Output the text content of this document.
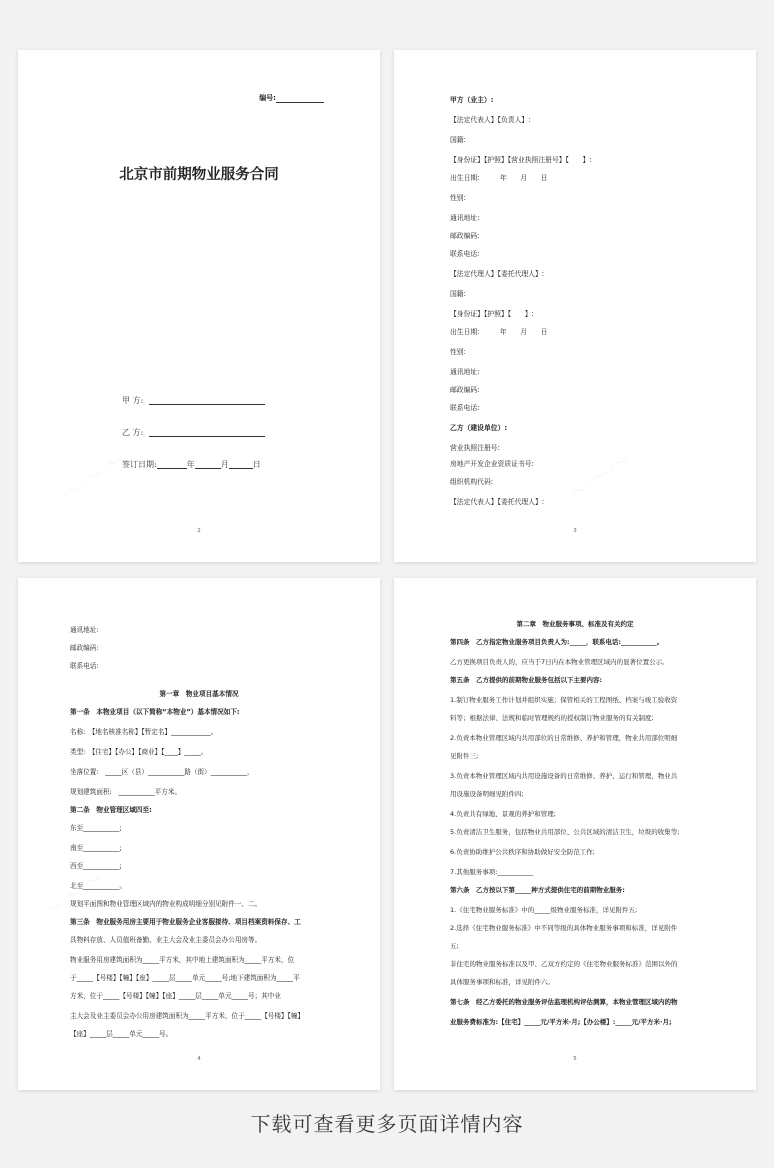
编号:
北京市前期物业服务合同
甲 方:
乙 方:
签订日期:	年	月	日
2
甲方（业主）:
【法定代表人】【负责人】:
国籍:
【身份证】【护照】【营业执照注册号】【　　】:
出生日期:　　　年　　月　　日
性别:
通讯地址:
邮政编码:
联系电话:
【法定代理人】【委托代理人】:
国籍:
【身份证】【护照】【　　】:
出生日期:　　　年　　月　　日
性别:
通讯地址:
邮政编码:
联系电话:
乙方（建设单位）:
营业执照注册号:
房地产开发企业资质证书号:
组织机构代码:
【法定代表人】【委托代理人】:
3
通讯地址:
邮政编码:
联系电话:
第一章　物业项目基本情况
第一条　本物业项目（以下简称“本物业”）基本情况如下:
名称:　【地名核准名称】【暂定名】____________。
类型:　【住宅】【办公】【商业】【____】_____。
坐落位置:　_____区（县）___________路（街）___________，
规划建筑面积:　___________平方米。
第二条　物业管理区域四至:
东至___________;
南至___________;
西至___________;
北至___________。
规划平面图和物业管理区域内的物业构成明细分别见附件一、二。
第三条　物业服务用房主要用于物业服务企业客服接待、项目档案资料保存、工
具物料存放、人员值班备勤、业主大会及业主委员会办公用房等。
物业服务用房建筑面积为_____平方米，其中地上建筑面积为_____平方米，位
于_____【号楼】【幢】【座】_____层_____单元_____号;地下建筑面积为_____平
方米，位于_____【号楼】【幢】【座】_____层_____单元_____号；其中业
主大会及业主委员会办公用房建筑面积为_____平方米，位于_____【号楼】【幢】
【座】_____层_____单元_____号。
4
第二章　物业服务事项、标准及有关约定
第四条　乙方指定物业服务项目负责人为:_____，联系电话:___________。
乙方更换项目负责人的，应当于7日内在本物业管理区域内的显著位置公示。
第五条　乙方提供的前期物业服务包括以下主要内容:
1.制订物业服务工作计划并组织实施；保管相关的工程图纸、档案与竣工验收资
料等；根据法律、法规和临时管理规约的授权制订物业服务的有关制度;
2.负责本物业管理区域内共用部位的日常维修、养护和管理，物业共用部位明细
见附件三;
3.负责本物业管理区域内共用设施设备的日常维修、养护、运行和管理，物业共
用设施设备明细见附件四;
4.负责共有绿地、景观的养护和管理;
5.负责清洁卫生服务，包括物业共用部位、公共区域的清洁卫生，垃圾的收集等;
6.负责协助维护公共秩序和协助做好安全防范工作;
7.其他服务事项:___________
第六条　乙方按以下第_____种方式提供住宅的前期物业服务:
1.《住宅物业服务标准》中的_____级物业服务标准，详见附件五;
2.选择《住宅物业服务标准》中不同等级的具体物业服务事项和标准，详见附件
五;
非住宅的物业服务标准以及甲、乙双方约定的《住宅物业服务标准》范围以外的
具体服务事项和标准，详见附件六。
第七条　经乙方委托的物业服务评估监理机构评估测算，本物业管理区域内的物
业服务费标准为:【住宅】_____元/平方米·月;【办公楼】:_____元/平方米·月;
5
下载可查看更多页面详情内容
